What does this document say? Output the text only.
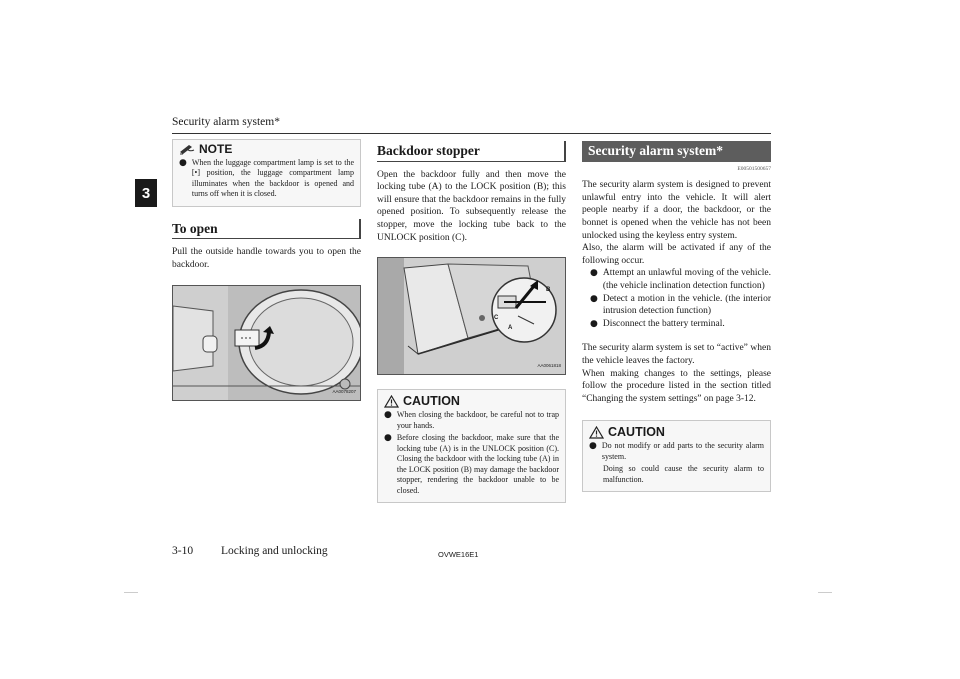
Security alarm system*
3
NOTE
● When the luggage compartment lamp is set to the [•] position, the luggage compartment lamp illuminates when the backdoor is opened and turns off when it is closed.
To open

Pull the outside handle towards you to open the backdoor.

AA0078207
Backdoor stopper

Open the backdoor fully and then move the locking tube (A) to the LOCK position (B); this will ensure that the backdoor remains in the fully opened position. To subsequently release the stopper, move the locking tube back to the UNLOCK position (C).

B
C
A
AA0061818
CAUTION
● When closing the backdoor, be careful not to trap your hands.
● Before closing the backdoor, make sure that the locking tube (A) is in the UNLOCK position (C). Closing the backdoor with the locking tube (A) in the LOCK position (B) may damage the backdoor stopper, rendering the backdoor unable to be closed.
Security alarm system*
E00501500657

The security alarm system is designed to prevent unlawful entry into the vehicle. It will alert people nearby if a door, the backdoor, or the bonnet is opened when the vehicle has not been unlocked using the keyless entry system.

Also, the alarm will be activated if any of the following occur.

● Attempt an unlawful moving of the vehicle. (the vehicle inclination detection function)
● Detect a motion in the vehicle. (the interior intrusion detection function)
● Disconnect the battery terminal.

The security alarm system is set to “active” when the vehicle leaves the factory.

When making changes to the settings, please follow the procedure listed in the section titled “Changing the system settings” on page 3-12.

CAUTION
● Do not modify or add parts to the security alarm system.
Doing so could cause the security alarm to malfunction.
3-10 Locking and unlocking	OVWE16E1
